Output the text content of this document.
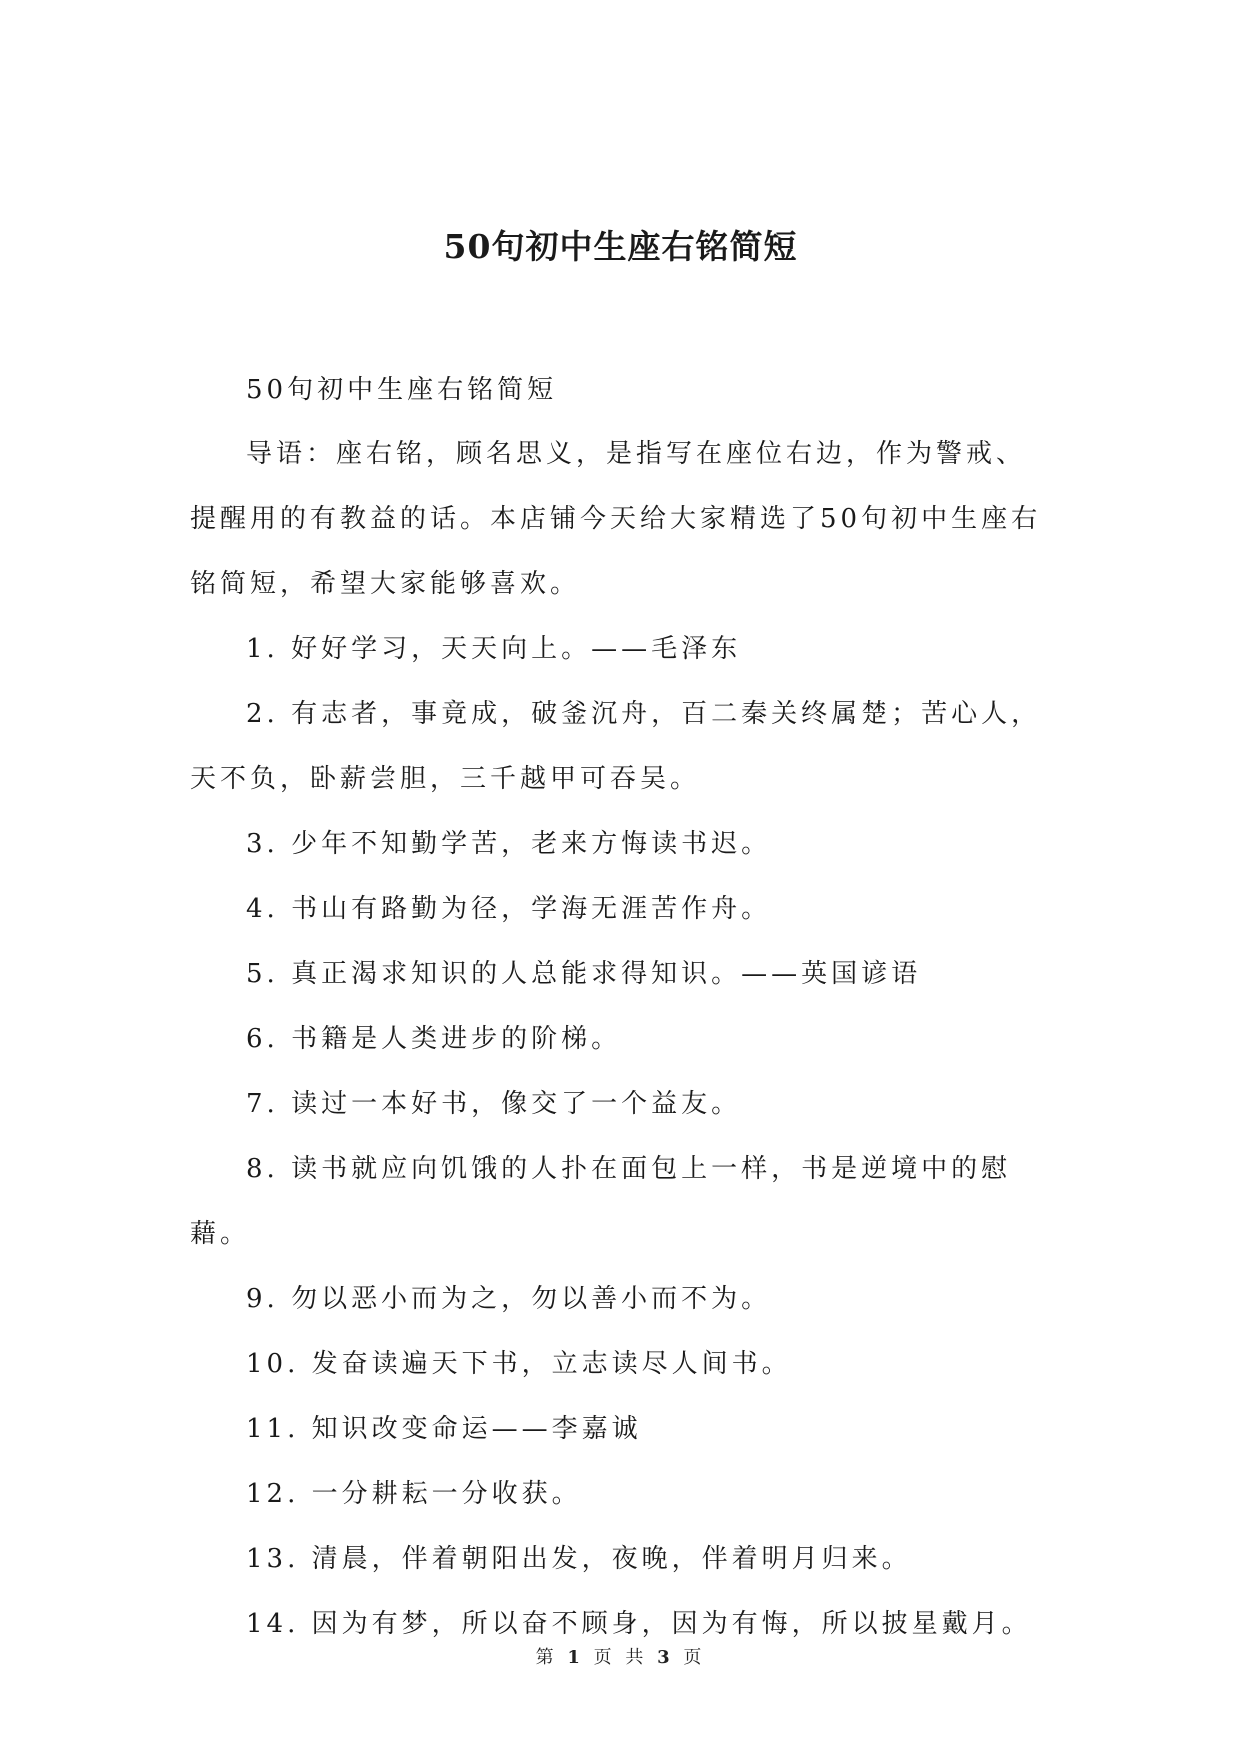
50句初中生座右铭简短

50句初中生座右铭简短

导语：座右铭，顾名思义，是指写在座位右边，作为警戒、提醒用的有教益的话。本店铺今天给大家精选了50句初中生座右铭简短，希望大家能够喜欢。

1. 好好学习，天天向上。——毛泽东
2. 有志者，事竟成，破釜沉舟，百二秦关终属楚；苦心人，天不负，卧薪尝胆，三千越甲可吞吴。
3. 少年不知勤学苦，老来方悔读书迟。
4. 书山有路勤为径，学海无涯苦作舟。
5. 真正渴求知识的人总能求得知识。——英国谚语
6. 书籍是人类进步的阶梯。
7. 读过一本好书，像交了一个益友。
8. 读书就应向饥饿的人扑在面包上一样，书是逆境中的慰藉。
9. 勿以恶小而为之，勿以善小而不为。
10. 发奋读遍天下书，立志读尽人间书。
11. 知识改变命运——李嘉诚
12. 一分耕耘一分收获。
13. 清晨，伴着朝阳出发，夜晚，伴着明月归来。
14. 因为有梦，所以奋不顾身，因为有悔，所以披星戴月。
第 1 页 共 3 页
